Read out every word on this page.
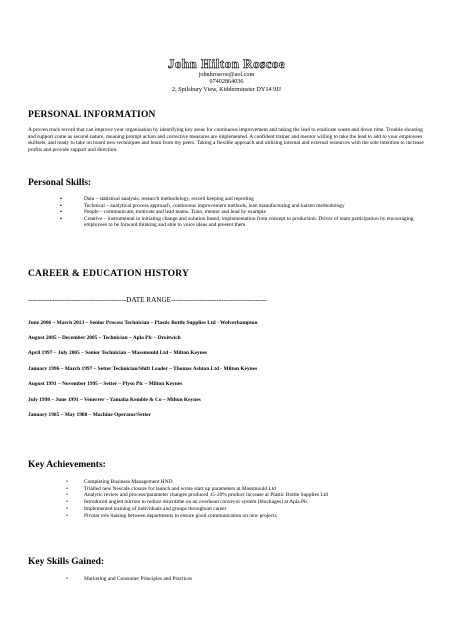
John Hilton Roscoe
johnhroscoe@aol.com
07402864036
2, Spilsbury View, Kidderminster DY14 9JJ
PERSONAL INFORMATION
A proven track record that can improve your organisation by identifying key areas for continuous improvement and taking the lead to eradicate waste and down time. Trouble shooting and support come as second nature, meaning prompt action and corrective measures are implemented. A confident trainer and mentor willing to take the lead to add to your employees skillsets, and ready to take on board new techniques and learn from my peers. Taking a flexible approach and utilising internal and external resources with the sole intention to increase profits and provide support and direction.
Personal Skills:
▪ Data – statistical analysis, research methodology, record keeping and reporting
▪ Technical – analytical process approach, continuous improvement methods, lean manufacturing and kaizen methodology
▪ People – communicate, motivate and lead teams. Train, mentor and lead by example
▪ Creative – instrumental in initiating change and solution based, implementation from concept to production. Driver of team participation by encouraging employees to be forward thinking and able to voice ideas and present them
CAREER & EDUCATION HISTORY
-----------------------------------------DATE RANGE----------------------------------------
June 2006 – March 2013 – Senior Process Technician – Plastic Bottle Supplies Ltd - Wolverhampton
August 2005 – December 2005 – Technician – Apla Plc – Droitwich
April 1997 – July 2005 – Senior Technician – Massmould Ltd – Milton Keynes
January 1996 – March 1997 – Setter Technician/Shift Leader – Thomas Ashton Ltd - Milton Keynes
August 1991 – November 1995 – Setter – Plyso Plc – Milton Keynes
July 1998 – June 1991 – Venerrer – Yamaha Kemble & Co – Milton Keynes
January 1985 – May 1988 – Machine Operator/Setter
Key Achievements:
• Completing Business Management HND
• Trialled new Nescafe closure for launch and wrote start up parameters at Massmould Ltd
• Analytic review and process/parameter changes produced 15-20% product increase at Plastic Bottle Supplies Ltd
• Introduced angled mirrors to reduce downtime on an overhead conveyor system (blockages) at Apla Plc
• Implemented training of individuals and groups throughout career
• Pivotal role liaising between departments to ensure good communication on new projects
Key Skills Gained:
• Marketing and Consumer Principles and Practices
